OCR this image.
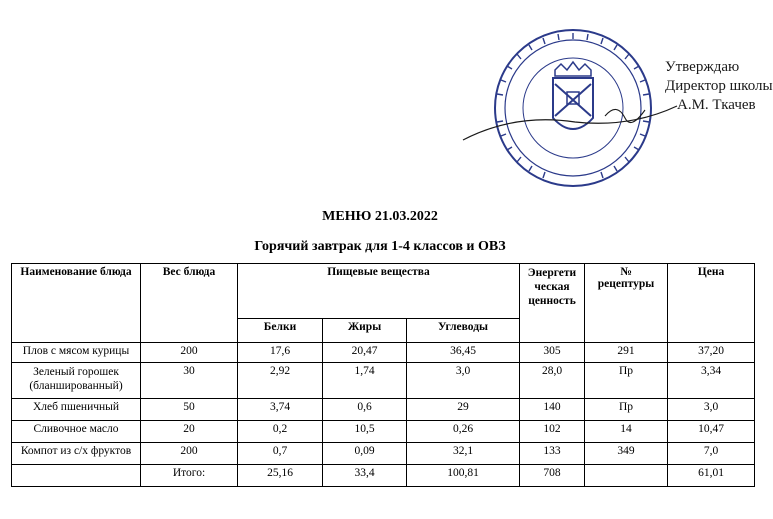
Утверждаю
Директор школы
А.М. Ткачев
МЕНЮ 21.03.2022
Горячий завтрак для 1-4 классов и ОВЗ
Наименование блюда	Вес блюда	Пищевые вещества			Энергети
ческая
ценность	№
рецептуры	Цена
		Белки	Жиры	Углеводы			
Плов с мясом курицы	200	17,6	20,47	36,45	305	291	37,20
Зеленый горошек (бланшированный)	30	2,92	1,74	3,0	28,0	Пр	3,34
Хлеб пшеничный	50	3,74	0,6	29	140	Пр	3,0
Сливочное масло	20	0,2	10,5	0,26	102	14	10,47
Компот из с/х фруктов	200	0,7	0,09	32,1	133	349	7,0
	Итого:	25,16	33,4	100,81	708		61,01
